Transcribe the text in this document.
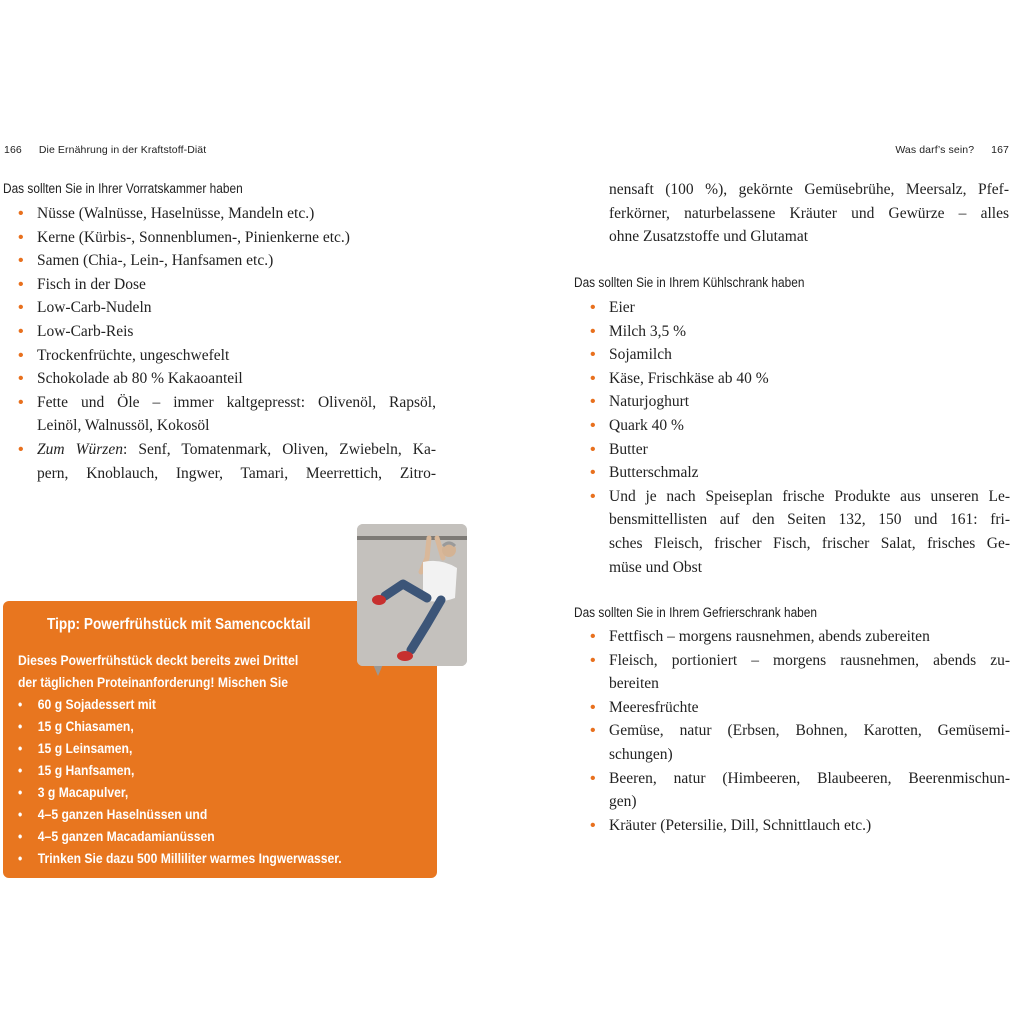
166 Die Ernährung in der Kraftstoff-Diät	Was darf’s sein? 167
Das sollten Sie in Ihrer Vorratskammer haben
• Nüsse (Walnüsse, Haselnüsse, Mandeln etc.)
• Kerne (Kürbis-, Sonnenblumen-, Pinienkerne etc.)
• Samen (Chia-, Lein-, Hanfsamen etc.)
• Fisch in der Dose
• Low-Carb-Nudeln
• Low-Carb-Reis
• Trockenfrüchte, ungeschwefelt
• Schokolade ab 80 % Kakaoanteil
• Fette und Öle – immer kaltgepresst: Olivenöl, Rapsöl,
Leinöl, Walnussöl, Kokosöl
• Zum Würzen: Senf, Tomatenmark, Oliven, Zwiebeln, Ka-
pern, Knoblauch, Ingwer, Tamari, Meerrettich, Zitro-
Tipp: Powerfrühstück mit Samencocktail
Dieses Powerfrühstück deckt bereits zwei Drittel
der täglichen Proteinanforderung! Mischen Sie
• 60 g Sojadessert mit
• 15 g Chiasamen,
• 15 g Leinsamen,
• 15 g Hanfsamen,
• 3 g Macapulver,
• 4–5 ganzen Haselnüssen und
• 4–5 ganzen Macadamianüssen
• Trinken Sie dazu 500 Milliliter warmes Ingwerwasser.
nensaft (100 %), gekörnte Gemüsebrühe, Meersalz, Pfef-
ferkörner, naturbelassene Kräuter und Gewürze – alles
ohne Zusatzstoffe und Glutamat
Das sollten Sie in Ihrem Kühlschrank haben
• Eier
• Milch 3,5 %
• Sojamilch
• Käse, Frischkäse ab 40 %
• Naturjoghurt
• Quark 40 %
• Butter
• Butterschmalz
• Und je nach Speiseplan frische Produkte aus unseren Le-
bensmittellisten auf den Seiten 132, 150 und 161: fri-
sches Fleisch, frischer Fisch, frischer Salat, frisches Ge-
müse und Obst
Das sollten Sie in Ihrem Gefrierschrank haben
• Fettfisch – morgens rausnehmen, abends zubereiten
• Fleisch, portioniert – morgens rausnehmen, abends zu-
bereiten
• Meeresfrüchte
• Gemüse, natur (Erbsen, Bohnen, Karotten, Gemüsemi-
schungen)
• Beeren, natur (Himbeeren, Blaubeeren, Beerenmischun-
gen)
• Kräuter (Petersilie, Dill, Schnittlauch etc.)
